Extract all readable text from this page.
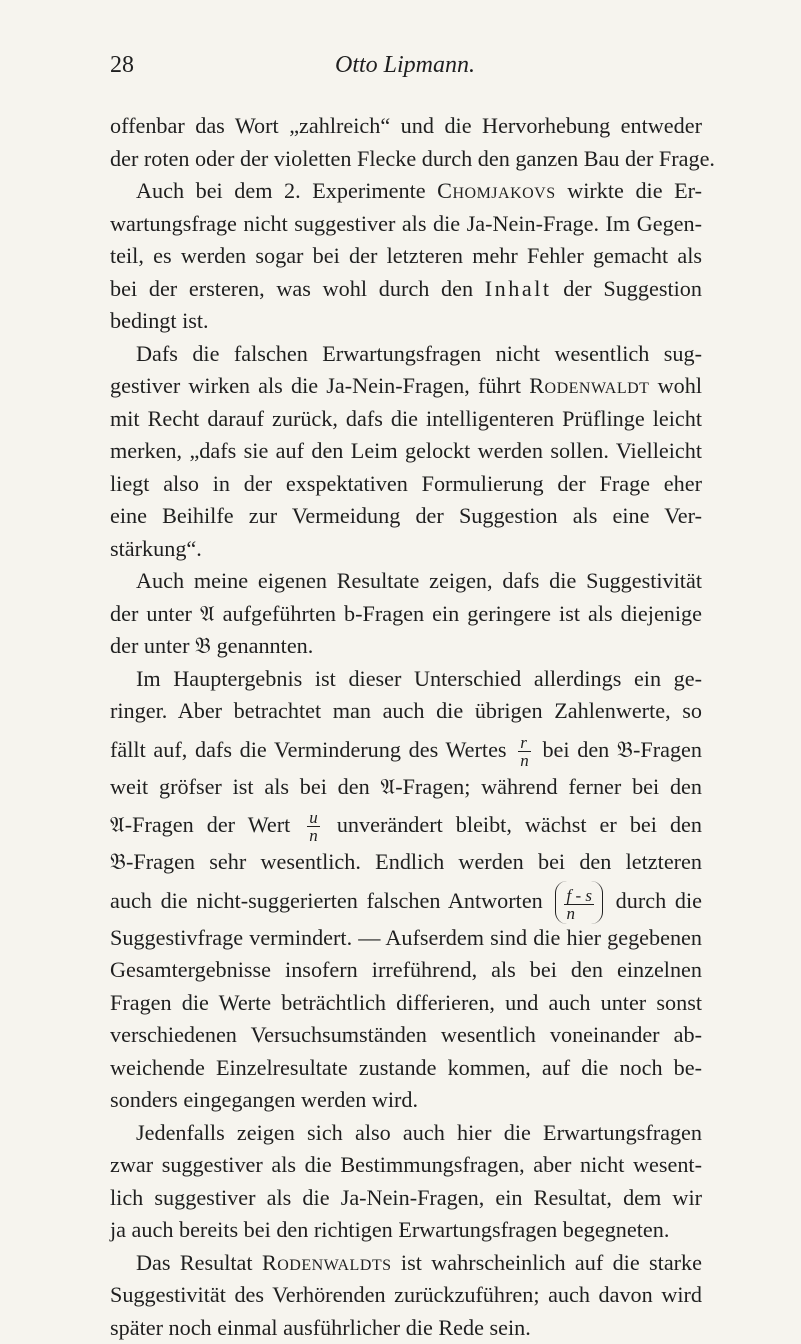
28	Otto Lipmann.
offenbar das Wort „zahlreich“ und die Hervorhebung entweder
der roten oder der violetten Flecke durch den ganzen Bau der Frage.
Auch bei dem 2. Experimente Chomjakovs wirkte die Er-
wartungsfrage nicht suggestiver als die Ja-Nein-Frage. Im Gegen-
teil, es werden sogar bei der letzteren mehr Fehler gemacht als
bei der ersteren, was wohl durch den Inhalt der Suggestion
bedingt ist.
Dafs die falschen Erwartungsfragen nicht wesentlich sug-
gestiver wirken als die Ja-Nein-Fragen, führt Rodenwaldt wohl
mit Recht darauf zurück, dafs die intelligenteren Prüflinge leicht
merken, „dafs sie auf den Leim gelockt werden sollen. Vielleicht
liegt also in der exspektativen Formulierung der Frage eher
eine Beihilfe zur Vermeidung der Suggestion als eine Ver-
stärkung“.
Auch meine eigenen Resultate zeigen, dafs die Suggestivität
der unter 𝔄 aufgeführten b-Fragen ein geringere ist als diejenige
der unter 𝔅 genannten.
Im Hauptergebnis ist dieser Unterschied allerdings ein ge-
ringer. Aber betrachtet man auch die übrigen Zahlenwerte, so
fällt auf, dafs die Verminderung des Wertes $\frac{r}{n}$ bei den 𝔅-Fragen
weit gröfser ist als bei den 𝔄-Fragen; während ferner bei den
𝔄-Fragen der Wert $\frac{u}{n}$ unverändert bleibt, wächst er bei den
𝔅-Fragen sehr wesentlich. Endlich werden bei den letzteren
auch die nicht-suggerierten falschen Antworten $\frac{f - s}{n}$ durch die
Suggestivfrage vermindert. — Aufserdem sind die hier gegebenen
Gesamtergebnisse insofern irreführend, als bei den einzelnen
Fragen die Werte beträchtlich differieren, und auch unter sonst
verschiedenen Versuchsumständen wesentlich voneinander ab-
weichende Einzelresultate zustande kommen, auf die noch be-
sonders eingegangen werden wird.
Jedenfalls zeigen sich also auch hier die Erwartungsfragen
zwar suggestiver als die Bestimmungsfragen, aber nicht wesent-
lich suggestiver als die Ja-Nein-Fragen, ein Resultat, dem wir
ja auch bereits bei den richtigen Erwartungsfragen begegneten.
Das Resultat Rodenwaldts ist wahrscheinlich auf die starke
Suggestivität des Verhörenden zurückzuführen; auch davon wird
später noch einmal ausführlicher die Rede sein.
